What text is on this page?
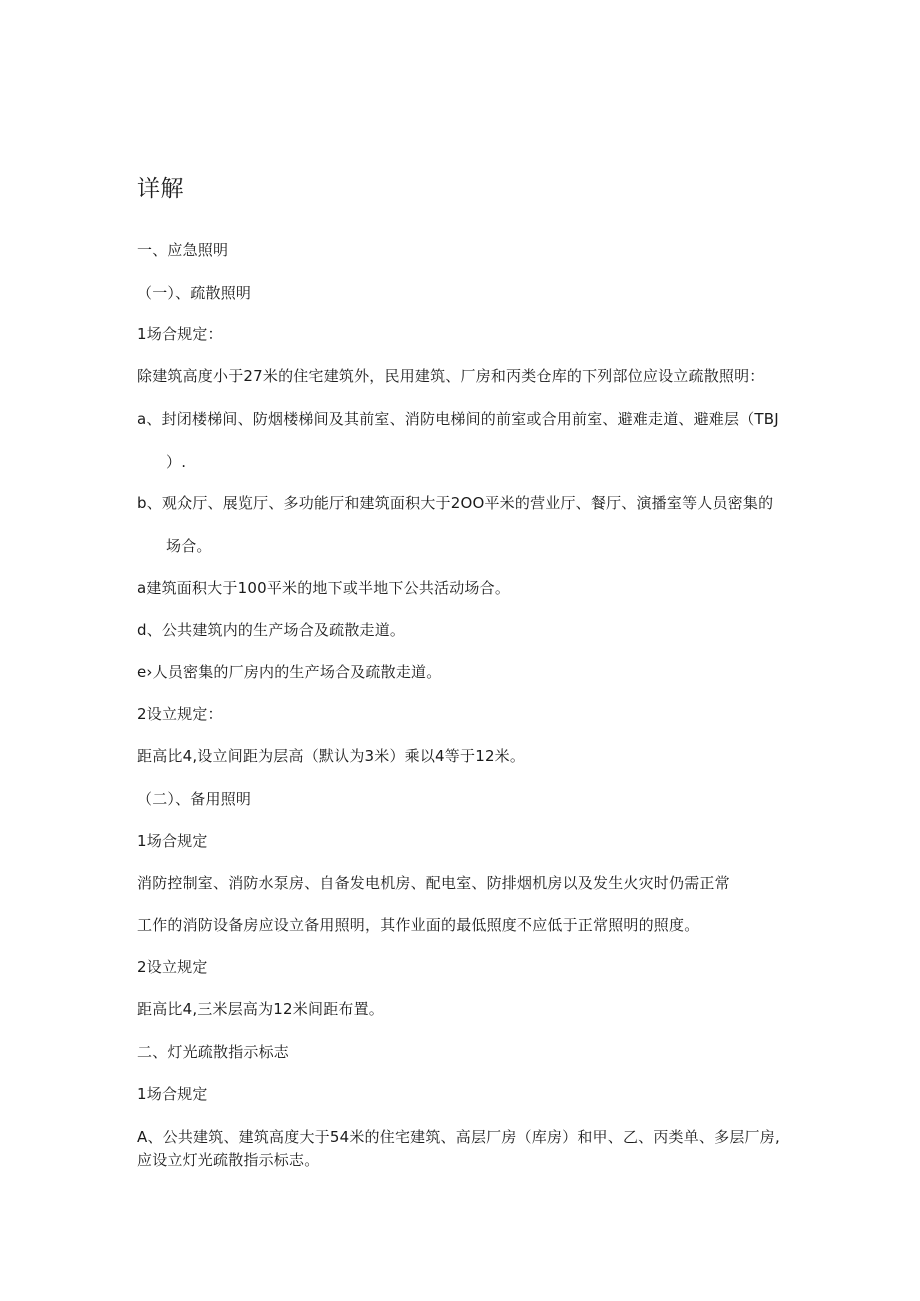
详解
一、应急照明
（一）、疏散照明
1场合规定：
除建筑高度小于27米的住宅建筑外，民用建筑、厂房和丙类仓库的下列部位应设立疏散照明：
a、封闭楼梯间、防烟楼梯间及其前室、消防电梯间的前室或合用前室、避难走道、避难层（TBJ
）.
b、观众厅、展览厅、多功能厅和建筑面积大于2OO平米的营业厅、餐厅、演播室等人员密集的
场合。
a建筑面积大于100平米的地下或半地下公共活动场合。
d、公共建筑内的生产场合及疏散走道。
e›人员密集的厂房内的生产场合及疏散走道。
2设立规定：
距高比4,设立间距为层高（默认为3米）乘以4等于12米。
（二）、备用照明
1场合规定
消防控制室、消防水泵房、自备发电机房、配电室、防排烟机房以及发生火灾时仍需正常
工作的消防设备房应设立备用照明，其作业面的最低照度不应低于正常照明的照度。
2设立规定
距高比4,三米层高为12米间距布置。
二、灯光疏散指示标志
1场合规定
A、公共建筑、建筑高度大于54米的住宅建筑、高层厂房（库房）和甲、乙、丙类单、多层厂房,
应设立灯光疏散指示标志。
